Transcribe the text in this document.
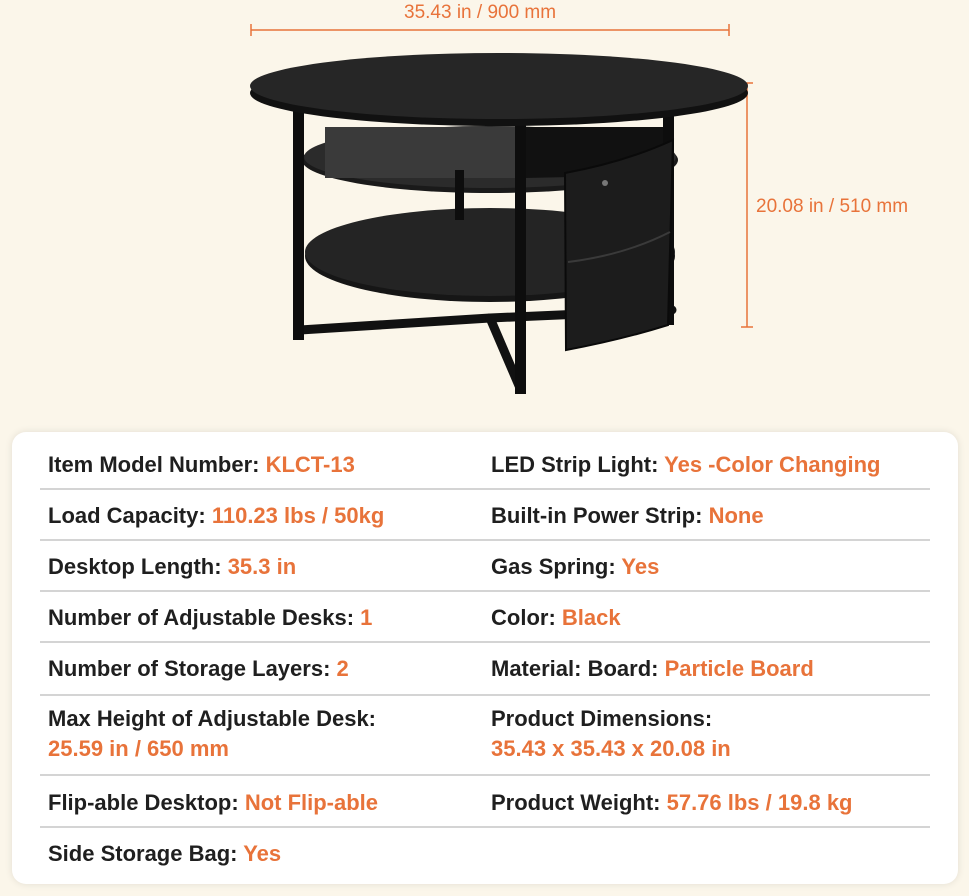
35.43 in / 900 mm
20.08 in / 510 mm
Item Model Number: KLCT-13	LED Strip Light: Yes -Color Changing
Load Capacity: 110.23 lbs / 50kg	Built-in Power Strip: None
Desktop Length: 35.3 in	Gas Spring: Yes
Number of Adjustable Desks: 1	Color: Black
Number of Storage Layers: 2	Material: Board: Particle Board
Max Height of Adjustable Desk:
25.59 in / 650 mm
Product Dimensions:
35.43 x 35.43 x 20.08 in
Flip-able Desktop: Not Flip-able	Product Weight: 57.76 lbs / 19.8 kg
Side Storage Bag: Yes
